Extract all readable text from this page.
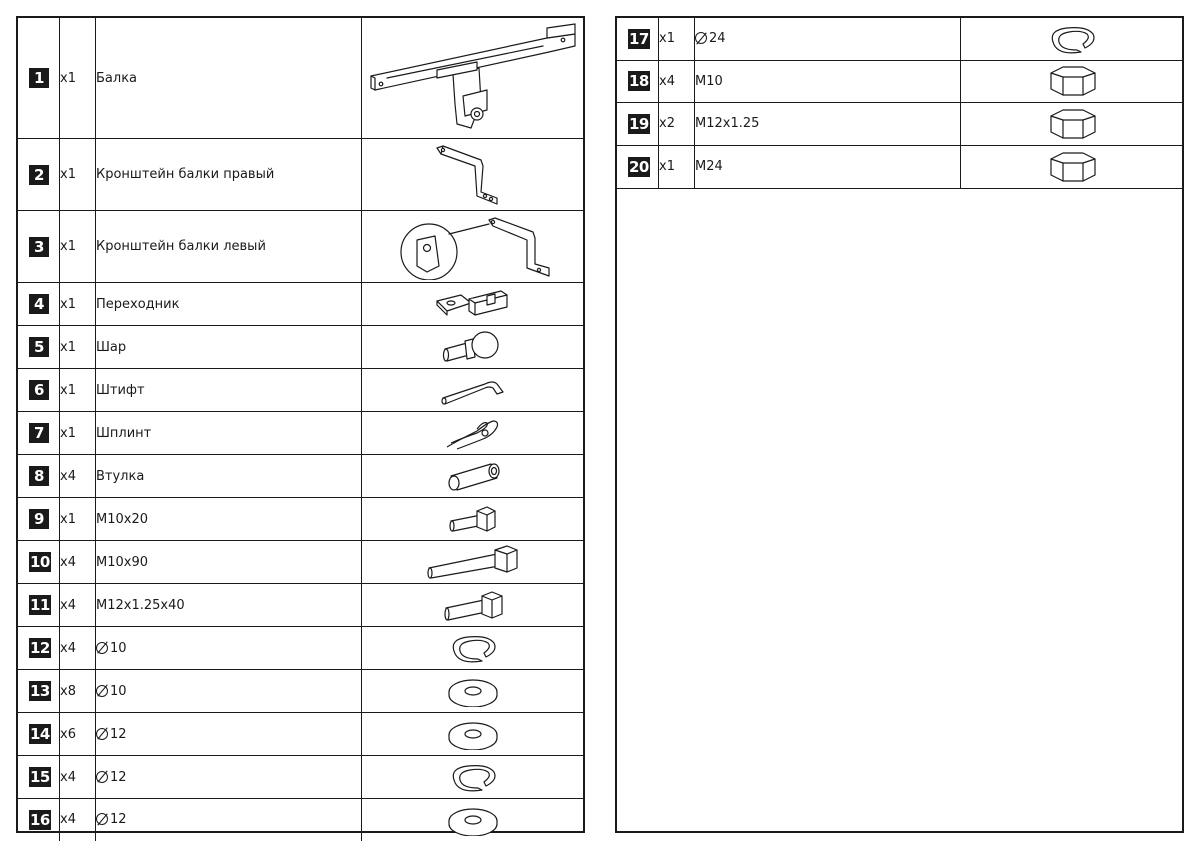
1	x1	Балка	
2	x1	Кронштейн балки правый	
3	x1	Кронштейн балки левый	
4	x1	Переходник	
5	x1	Шар	
6	x1	Штифт	
7	x1	Шплинт	
8	x4	Втулка	
9	x1	M10x20	
10	x4	M10x90	
11	x4	M12x1.25x40	
12	x4	10	
13	x8	10	
14	x6	12	
15	x4	12	
16	x4	12	
17	x1	24	
18	x4	M10	
19	x2	M12x1.25	
20	x1	M24	
